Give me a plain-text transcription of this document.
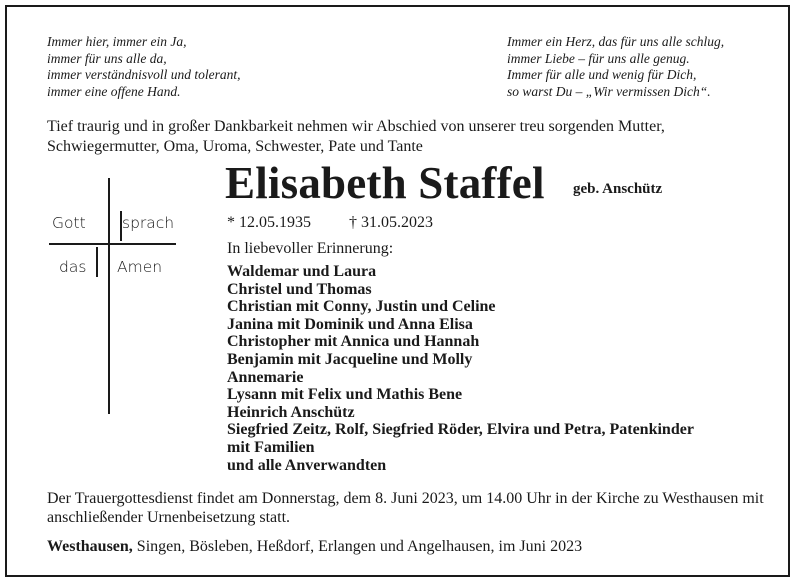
Immer hier, immer ein Ja,
immer für uns alle da,
immer verständnisvoll und tolerant,
immer eine offene Hand.
Immer ein Herz, das für uns alle schlug,
immer Liebe – für uns alle genug.
Immer für alle und wenig für Dich,
so warst Du – „Wir vermissen Dich“.
Tief traurig und in großer Dankbarkeit nehmen wir Abschied von unserer treu sorgenden Mutter, Schwiegermutter, Oma, Uroma, Schwester, Pate und Tante
Elisabeth Staffel geb. Anschütz
* 12.05.1935 † 31.05.2023
In liebevoller Erinnerung:
Waldemar und Laura
Christel und Thomas
Christian mit Conny, Justin und Celine
Janina mit Dominik und Anna Elisa
Christopher mit Annica und Hannah
Benjamin mit Jacqueline und Molly
Annemarie
Lysann mit Felix und Mathis Bene
Heinrich Anschütz
Siegfried Zeitz, Rolf, Siegfried Röder, Elvira und Petra, Patenkinder
mit Familien
und alle Anverwandten
Gott sprach
das Amen
Der Trauergottesdienst findet am Donnerstag, dem 8. Juni 2023, um 14.00 Uhr in der Kirche zu Westhausen mit anschließender Urnenbeisetzung statt.
Westhausen, Singen, Bösleben, Heßdorf, Erlangen und Angelhausen, im Juni 2023
